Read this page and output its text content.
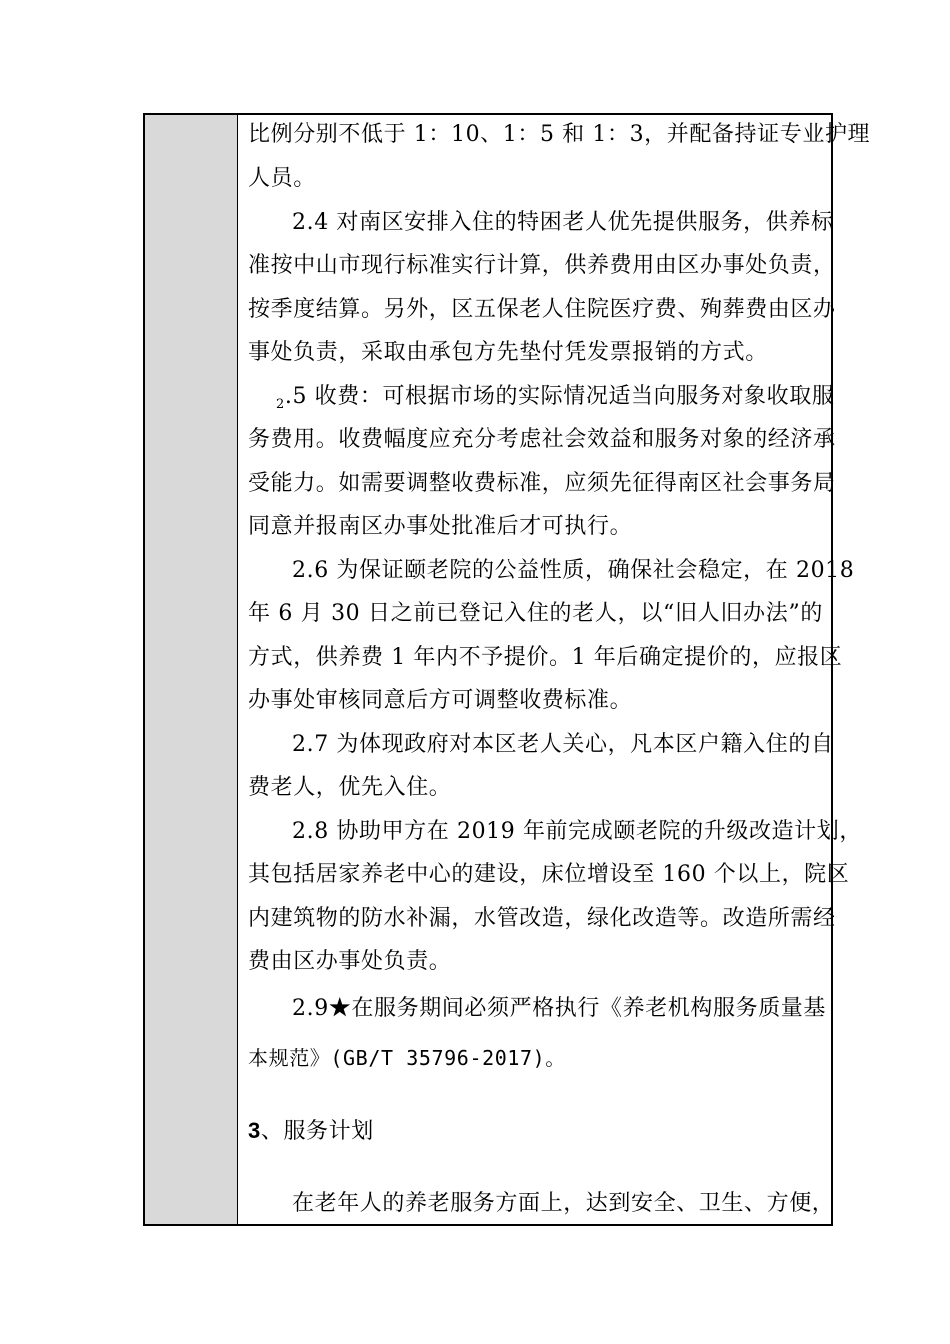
比例分别不低于 1：10、1：5 和 1：3，并配备持证专业护理
人员。
2.4 对南区安排入住的特困老人优先提供服务，供养标
准按中山市现行标准实行计算，供养费用由区办事处负责，
按季度结算。另外，区五保老人住院医疗费、殉葬费由区办
事处负责，采取由承包方先垫付凭发票报销的方式。
$_2$.5 收费：可根据市场的实际情况适当向服务对象收取服
务费用。收费幅度应充分考虑社会效益和服务对象的经济承
受能力。如需要调整收费标准，应须先征得南区社会事务局
同意并报南区办事处批准后才可执行。
2.6 为保证颐老院的公益性质，确保社会稳定，在 2018
年 6 月 30 日之前已登记入住的老人，以“旧人旧办法”的
方式，供养费 1 年内不予提价。1 年后确定提价的，应报区
办事处审核同意后方可调整收费标准。
2.7 为体现政府对本区老人关心，凡本区户籍入住的自
费老人，优先入住。
2.8 协助甲方在 2019 年前完成颐老院的升级改造计划，
其包括居家养老中心的建设，床位增设至 160 个以上，院区
内建筑物的防水补漏，水管改造，绿化改造等。改造所需经
费由区办事处负责。
2.9★在服务期间必须严格执行《养老机构服务质量基
本规范》(GB/T 35796-2017)。
3、服务计划
在老年人的养老服务方面上，达到安全、卫生、方便，
